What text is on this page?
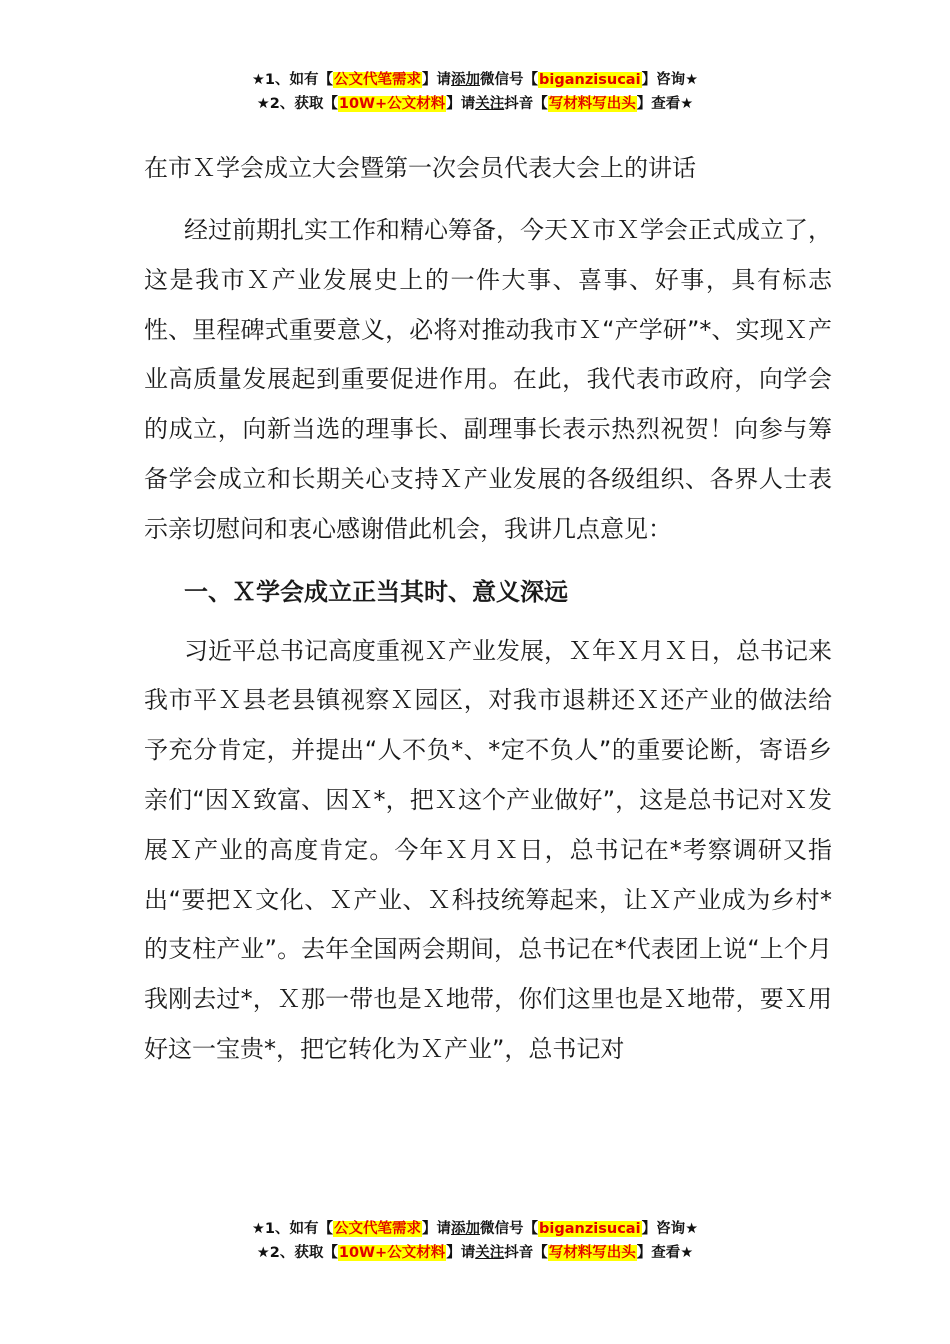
★1、如有【公文代笔需求】请添加微信号【biganzisucai】咨询★
★2、获取【10W+公文材料】请关注抖音【写材料写出头】查看★
在市Ｘ学会成立大会暨第一次会员代表大会上的讲话

经过前期扎实工作和精心筹备，今天Ｘ市Ｘ学会正式成立了，这是我市Ｘ产业发展史上的一件大事、喜事、好事，具有标志性、里程碑式重要意义，必将对推动我市Ｘ“产学研”*、实现Ｘ产业高质量发展起到重要促进作用。在此，我代表市政府，向学会的成立，向新当选的理事长、副理事长表示热烈祝贺！向参与筹备学会成立和长期关心支持Ｘ产业发展的各级组织、各界人士表示亲切慰问和衷心感谢借此机会，我讲几点意见：

一、Ｘ学会成立正当其时、意义深远

习近平总书记高度重视Ｘ产业发展，Ｘ年Ｘ月Ｘ日，总书记来我市平Ｘ县老县镇视察Ｘ园区，对我市退耕还Ｘ还产业的做法给予充分肯定，并提出“人不负*、*定不负人”的重要论断，寄语乡亲们“因Ｘ致富、因Ｘ*，把Ｘ这个产业做好”，这是总书记对Ｘ发展Ｘ产业的高度肯定。今年Ｘ月Ｘ日，总书记在*考察调研又指出“要把Ｘ文化、Ｘ产业、Ｘ科技统筹起来，让Ｘ产业成为乡村*的支柱产业”。去年全国两会期间，总书记在*代表团上说“上个月我刚去过*，Ｘ那一带也是Ｘ地带，你们这里也是Ｘ地带，要Ｘ用好这一宝贵*，把它转化为Ｘ产业”，总书记对

★1、如有【公文代笔需求】请添加微信号【biganzisucai】咨询★
★2、获取【10W+公文材料】请关注抖音【写材料写出头】查看★
